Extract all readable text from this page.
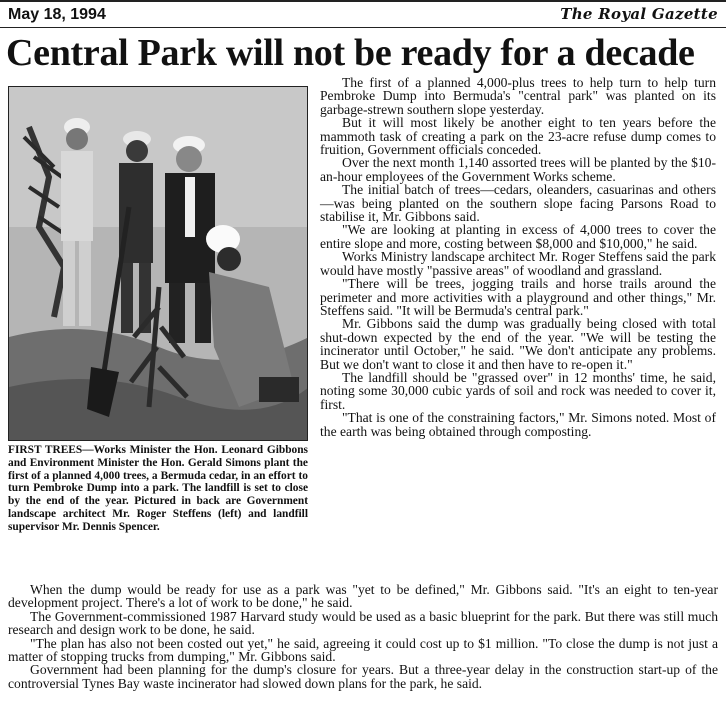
May 18, 1994	The Royal Gazette
Central Park will not be ready for a decade
FIRST TREES—Works Minister the Hon. Leonard Gibbons and Environment Minister the Hon. Gerald Simons plant the first of a planned 4,000 trees, a Bermuda cedar, in an effort to turn Pembroke Dump into a park. The landfill is set to close by the end of the year. Pictured in back are Government landscape architect Mr. Roger Steffens (left) and landfill supervisor Mr. Dennis Spencer.

The first of a planned 4,000-plus trees to help turn to help turn Pembroke Dump into Bermuda's "central park" was planted on its garbage-strewn southern slope yesterday.

But it will most likely be another eight to ten years before the mammoth task of creating a park on the 23-acre refuse dump comes to fruition, Government officials conceded.

Over the next month 1,140 assorted trees will be planted by the $10-an-hour employees of the Government Works scheme.

The initial batch of trees—cedars, oleanders, casuarinas and others—was being planted on the southern slope facing Parsons Road to stabilise it, Mr. Gibbons said.

"We are looking at planting in excess of 4,000 trees to cover the entire slope and more, costing between $8,000 and $10,000," he said.

Works Ministry landscape architect Mr. Roger Steffens said the park would have mostly "passive areas" of woodland and grassland.

"There will be trees, jogging trails and horse trails around the perimeter and more activities with a playground and other things," Mr. Steffens said. "It will be Bermuda's central park."

Mr. Gibbons said the dump was gradually being closed with total shut-down expected by the end of the year. "We will be testing the incinerator until October," he said. "We don't anticipate any problems. But we don't want to close it and then have to re-open it."

The landfill should be "grassed over" in 12 months' time, he said, noting some 30,000 cubic yards of soil and rock was needed to cover it, first.

"That is one of the constraining factors," Mr. Simons noted. Most of the earth was being obtained through composting.

When the dump would be ready for use as a park was "yet to be defined," Mr. Gibbons said. "It's an eight to ten-year development project. There's a lot of work to be done," he said.

The Government-commissioned 1987 Harvard study would be used as a basic blueprint for the park. But there was still much research and design work to be done, he said.

"The plan has also not been costed out yet," he said, agreeing it could cost up to $1 million. "To close the dump is not just a matter of stopping trucks from dumping," Mr. Gibbons said.

Government had been planning for the dump's closure for years. But a three-year delay in the construction start-up of the controversial Tynes Bay waste incinerator had slowed down plans for the park, he said.
